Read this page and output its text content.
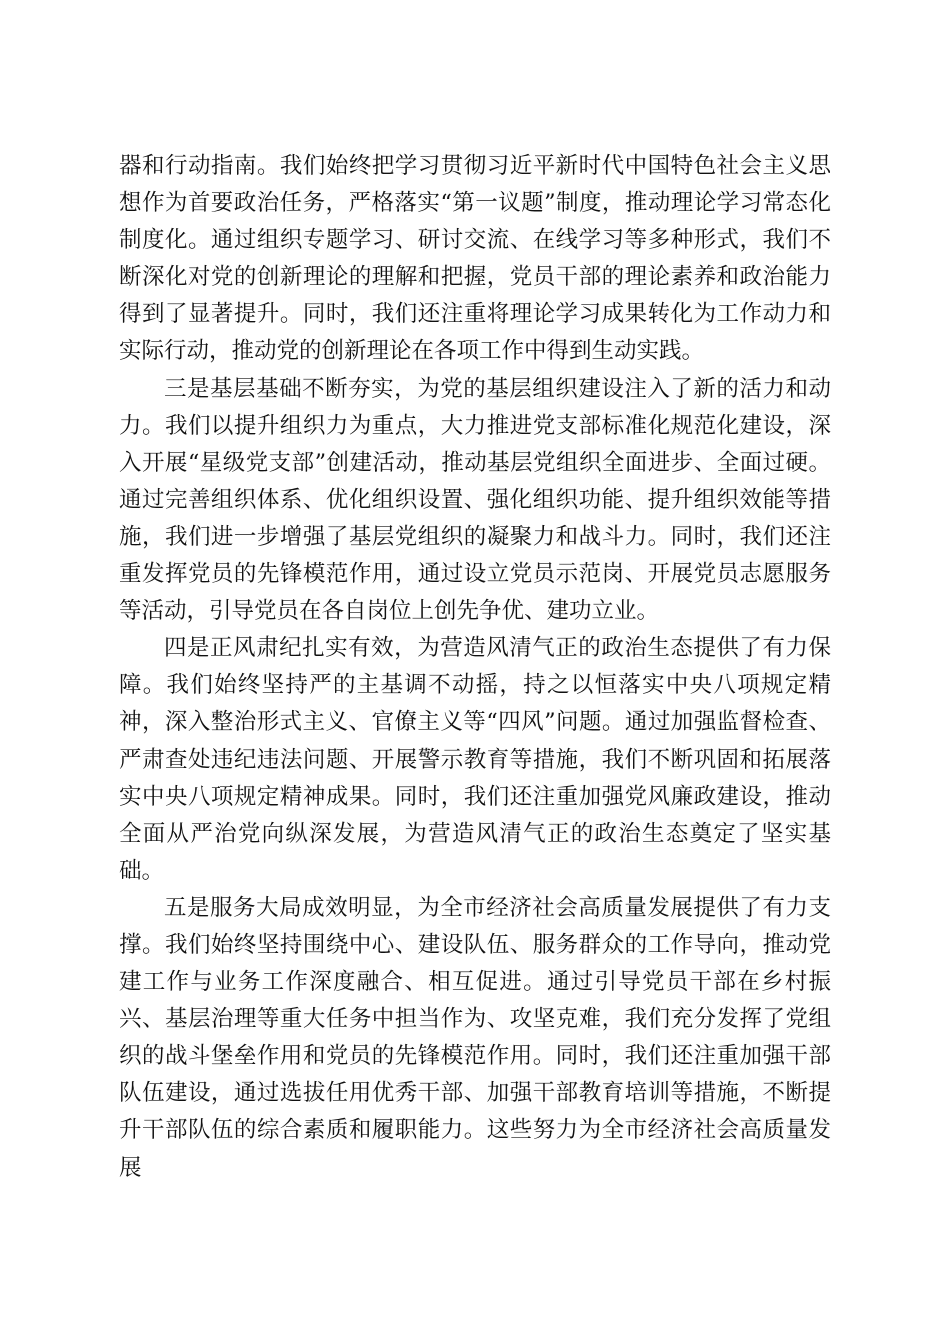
器和行动指南。我们始终把学习贯彻习近平新时代中国特色社会主义思想作为首要政治任务，严格落实“第一议题”制度，推动理论学习常态化制度化。通过组织专题学习、研讨交流、在线学习等多种形式，我们不断深化对党的创新理论的理解和把握，党员干部的理论素养和政治能力得到了显著提升。同时，我们还注重将理论学习成果转化为工作动力和实际行动，推动党的创新理论在各项工作中得到生动实践。

三是基层基础不断夯实，为党的基层组织建设注入了新的活力和动力。我们以提升组织力为重点，大力推进党支部标准化规范化建设，深入开展“星级党支部”创建活动，推动基层党组织全面进步、全面过硬。通过完善组织体系、优化组织设置、强化组织功能、提升组织效能等措施，我们进一步增强了基层党组织的凝聚力和战斗力。同时，我们还注重发挥党员的先锋模范作用，通过设立党员示范岗、开展党员志愿服务等活动，引导党员在各自岗位上创先争优、建功立业。

四是正风肃纪扎实有效，为营造风清气正的政治生态提供了有力保障。我们始终坚持严的主基调不动摇，持之以恒落实中央八项规定精神，深入整治形式主义、官僚主义等“四风”问题。通过加强监督检查、严肃查处违纪违法问题、开展警示教育等措施，我们不断巩固和拓展落实中央八项规定精神成果。同时，我们还注重加强党风廉政建设，推动全面从严治党向纵深发展，为营造风清气正的政治生态奠定了坚实基础。

五是服务大局成效明显，为全市经济社会高质量发展提供了有力支撑。我们始终坚持围绕中心、建设队伍、服务群众的工作导向，推动党建工作与业务工作深度融合、相互促进。通过引导党员干部在乡村振兴、基层治理等重大任务中担当作为、攻坚克难，我们充分发挥了党组织的战斗堡垒作用和党员的先锋模范作用。同时，我们还注重加强干部队伍建设，通过选拔任用优秀干部、加强干部教育培训等措施，不断提升干部队伍的综合素质和履职能力。这些努力为全市经济社会高质量发展
